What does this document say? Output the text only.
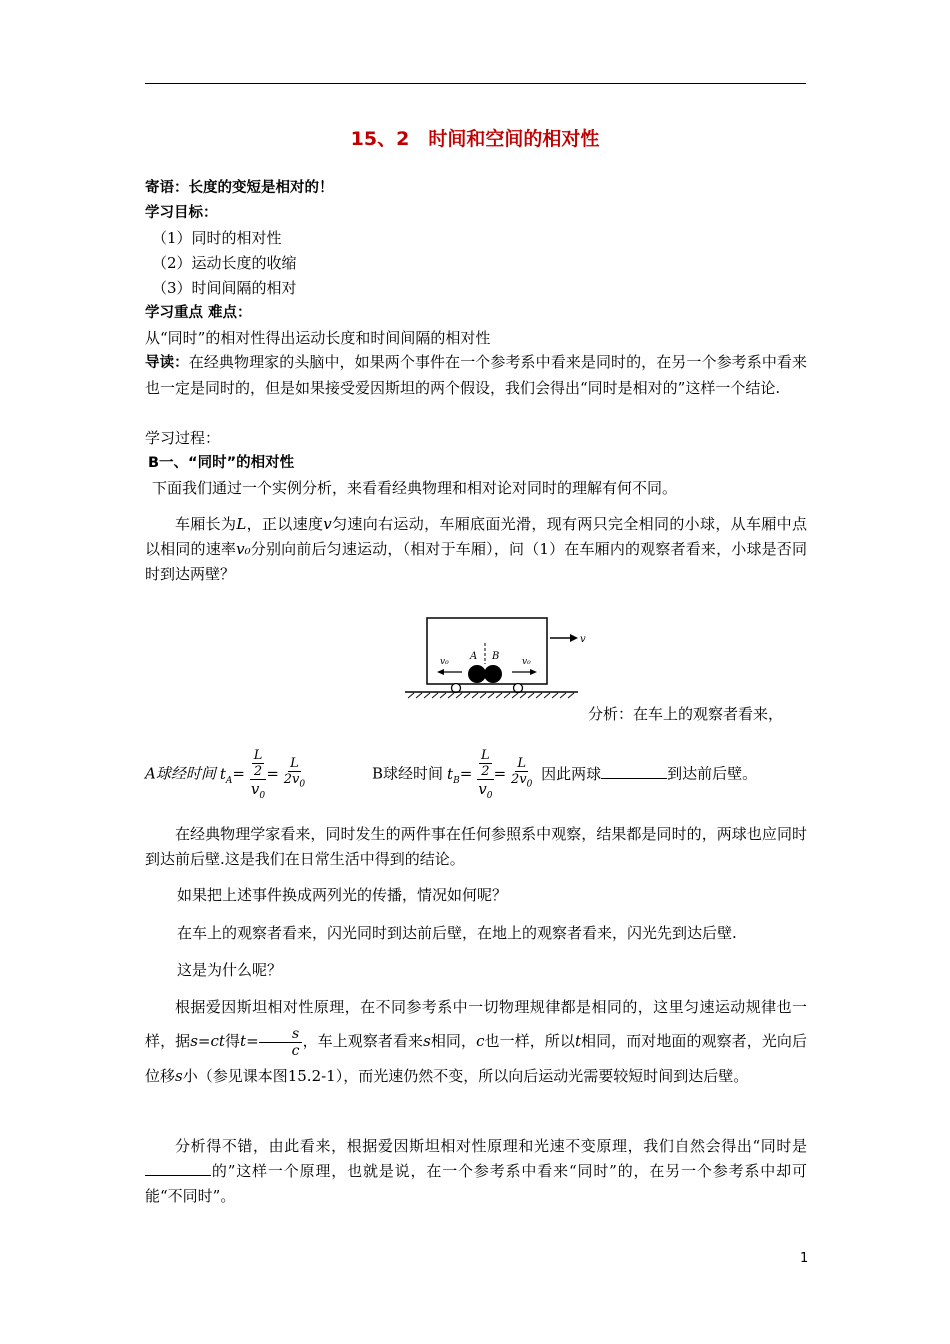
15、2　时间和空间的相对性
寄语：长度的变短是相对的！
学习目标：
（1）同时的相对性
（2）运动长度的收缩
（3）时间间隔的相对
学习重点 难点：
从“同时”的相对性得出运动长度和时间间隔的相对性
导读：在经典物理家的头脑中，如果两个事件在一个参考系中看来是同时的，在另一个参考系中看来也一定是同时的，但是如果接受爱因斯坦的两个假设，我们会得出“同时是相对的”这样一个结论.
学习过程：
B一、“同时”的相对性
下面我们通过一个实例分析，来看看经典物理和相对论对同时的理解有何不同。
车厢长为L，正以速度v匀速向右运动，车厢底面光滑，现有两只完全相同的小球，从车厢中点以相同的速率v₀分别向前后匀速运动，（相对于车厢），问（1）在车厢内的观察者看来，小球是否同时到达两壁？
v
v₀	v₀
A B
分析：在车上的观察者看来，
A球经时间 $t_A= \frac{\frac{L}{2}}{v_0} = \frac{L}{2v_0}$	B球经时间 $t_B= \frac{\frac{L}{2}}{v_0} = \frac{L}{2v_0}$ 因此两球	到达前后壁。
在经典物理学家看来，同时发生的两件事在任何参照系中观察，结果都是同时的，两球也应同时到达前后壁.这是我们在日常生活中得到的结论。
如果把上述事件换成两列光的传播，情况如何呢？
在车上的观察者看来，闪光同时到达前后壁，在地上的观察者看来，闪光先到达后壁.
这是为什么呢？
根据爱因斯坦相对性原理，在不同参考系中一切物理规律都是相同的，这里匀速运动规律也一样，据s=ct得$t= \frac{s}{c}$ ，车上观察者看来s相同，c也一样，所以t相同，而对地面的观察者，光向后位移s小（参见课本图15.2-1），而光速仍然不变，所以向后运动光需要较短时间到达后壁。
分析得不错，由此看来，根据爱因斯坦相对性原理和光速不变原理，我们自然会得出“同时是的”这样一个原理，也就是说，在一个参考系中看来“同时”的，在另一个参考系中却可能“不同时”。
1
